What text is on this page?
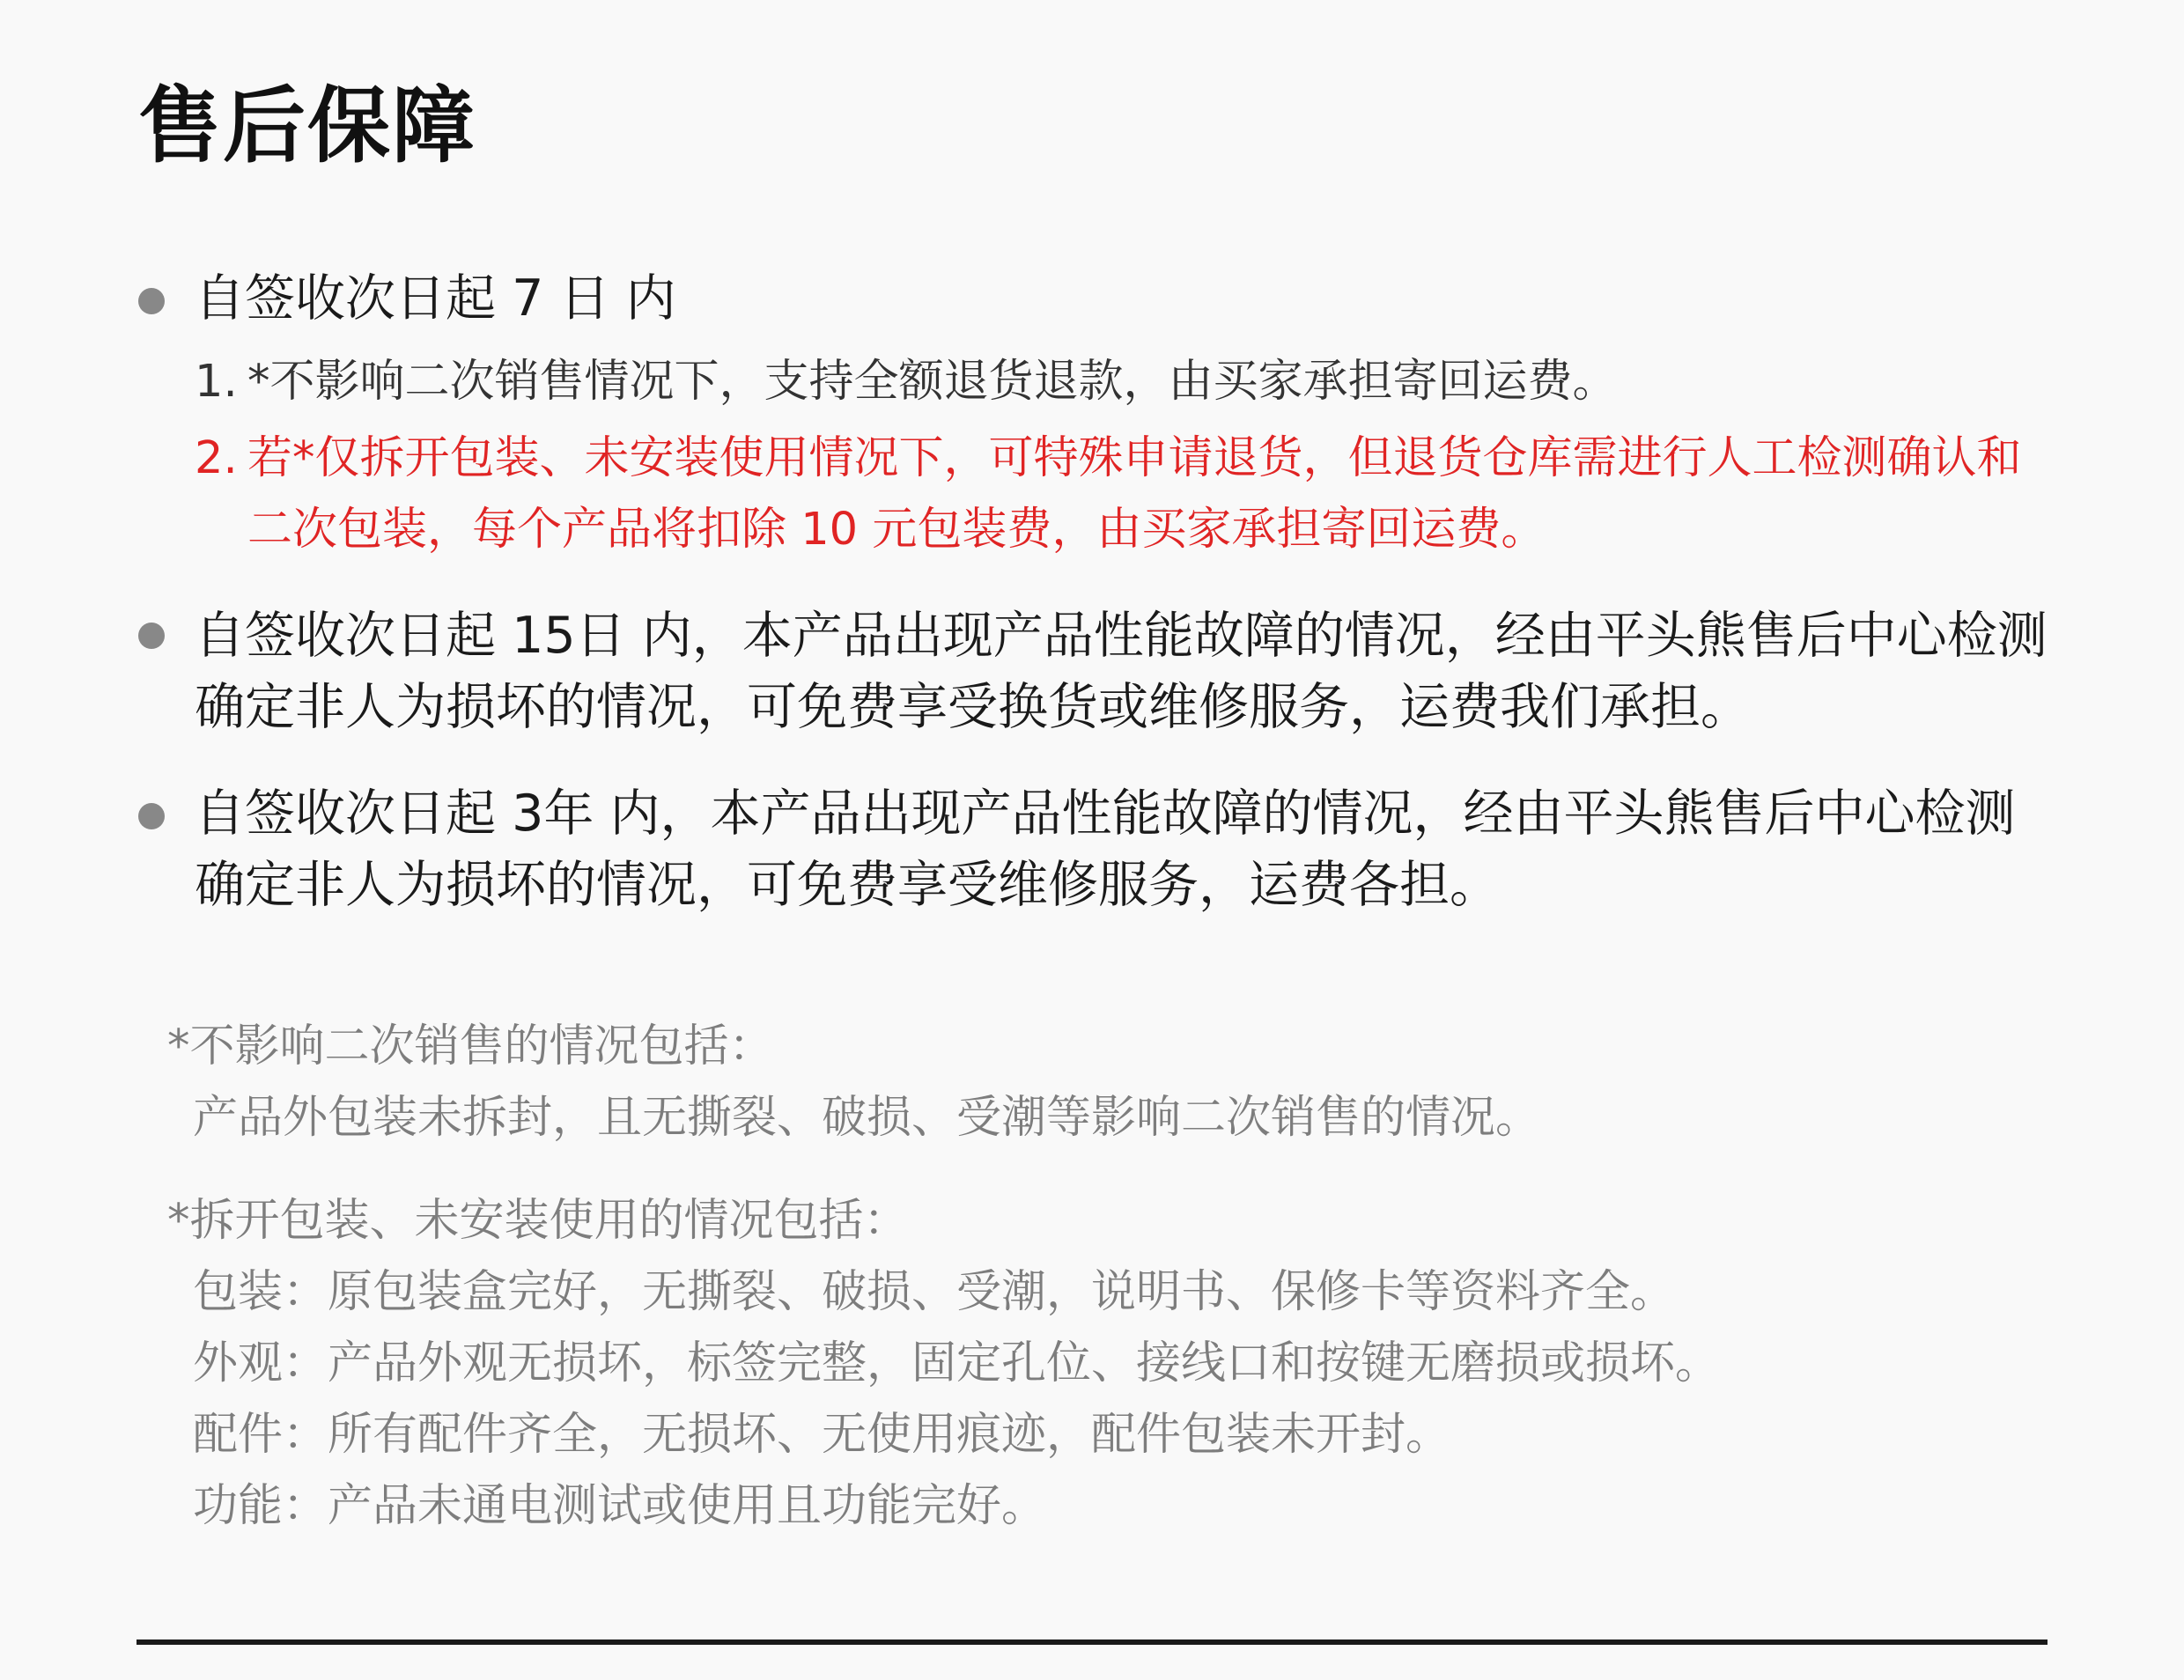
售后保障

自签收次日起 7 日 内

1. *不影响二次销售情况下，支持全额退货退款，由买家承担寄回运费。

2. 若*仅拆开包装、未安装使用情况下，可特殊申请退货，但退货仓库需进行人工检测确认和二次包装，每个产品将扣除 10 元包装费，由买家承担寄回运费。

自签收次日起 15日 内，本产品出现产品性能故障的情况，经由平头熊售后中心检测确定非人为损坏的情况，可免费享受换货或维修服务，运费我们承担。

自签收次日起 3年 内，本产品出现产品性能故障的情况，经由平头熊售后中心检测确定非人为损坏的情况，可免费享受维修服务，运费各担。

*不影响二次销售的情况包括：
产品外包装未拆封，且无撕裂、破损、受潮等影响二次销售的情况。
*拆开包装、未安装使用的情况包括：
包装：原包装盒完好，无撕裂、破损、受潮，说明书、保修卡等资料齐全。
外观：产品外观无损坏，标签完整，固定孔位、接线口和按键无磨损或损坏。
配件：所有配件齐全，无损坏、无使用痕迹，配件包装未开封。
功能：产品未通电测试或使用且功能完好。
